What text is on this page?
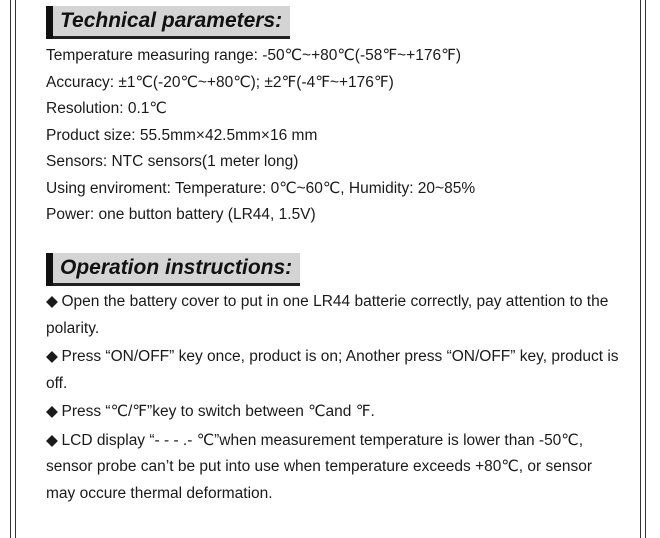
Technical parameters:
Temperature measuring range: -50℃~+80℃(-58℉~+176℉)
Accuracy: ±1℃(-20℃~+80℃); ±2℉(-4℉~+176℉)
Resolution: 0.1℃
Product size: 55.5mm×42.5mm×16 mm
Sensors: NTC sensors(1 meter long)
Using enviroment: Temperature: 0℃~60℃, Humidity: 20~85%
Power: one button battery (LR44, 1.5V)
Operation instructions:
◆ Open the battery cover to put in one LR44 batterie correctly, pay attention to the polarity.
◆ Press “ON/OFF” key once, product is on; Another press “ON/OFF” key, product is off.
◆ Press “℃/℉”key to switch between ℃and ℉.
◆ LCD display “- - - .- ℃”when measurement temperature is lower than -50℃, sensor probe can’t be put into use when temperature exceeds +80℃, or sensor may occure thermal deformation.
